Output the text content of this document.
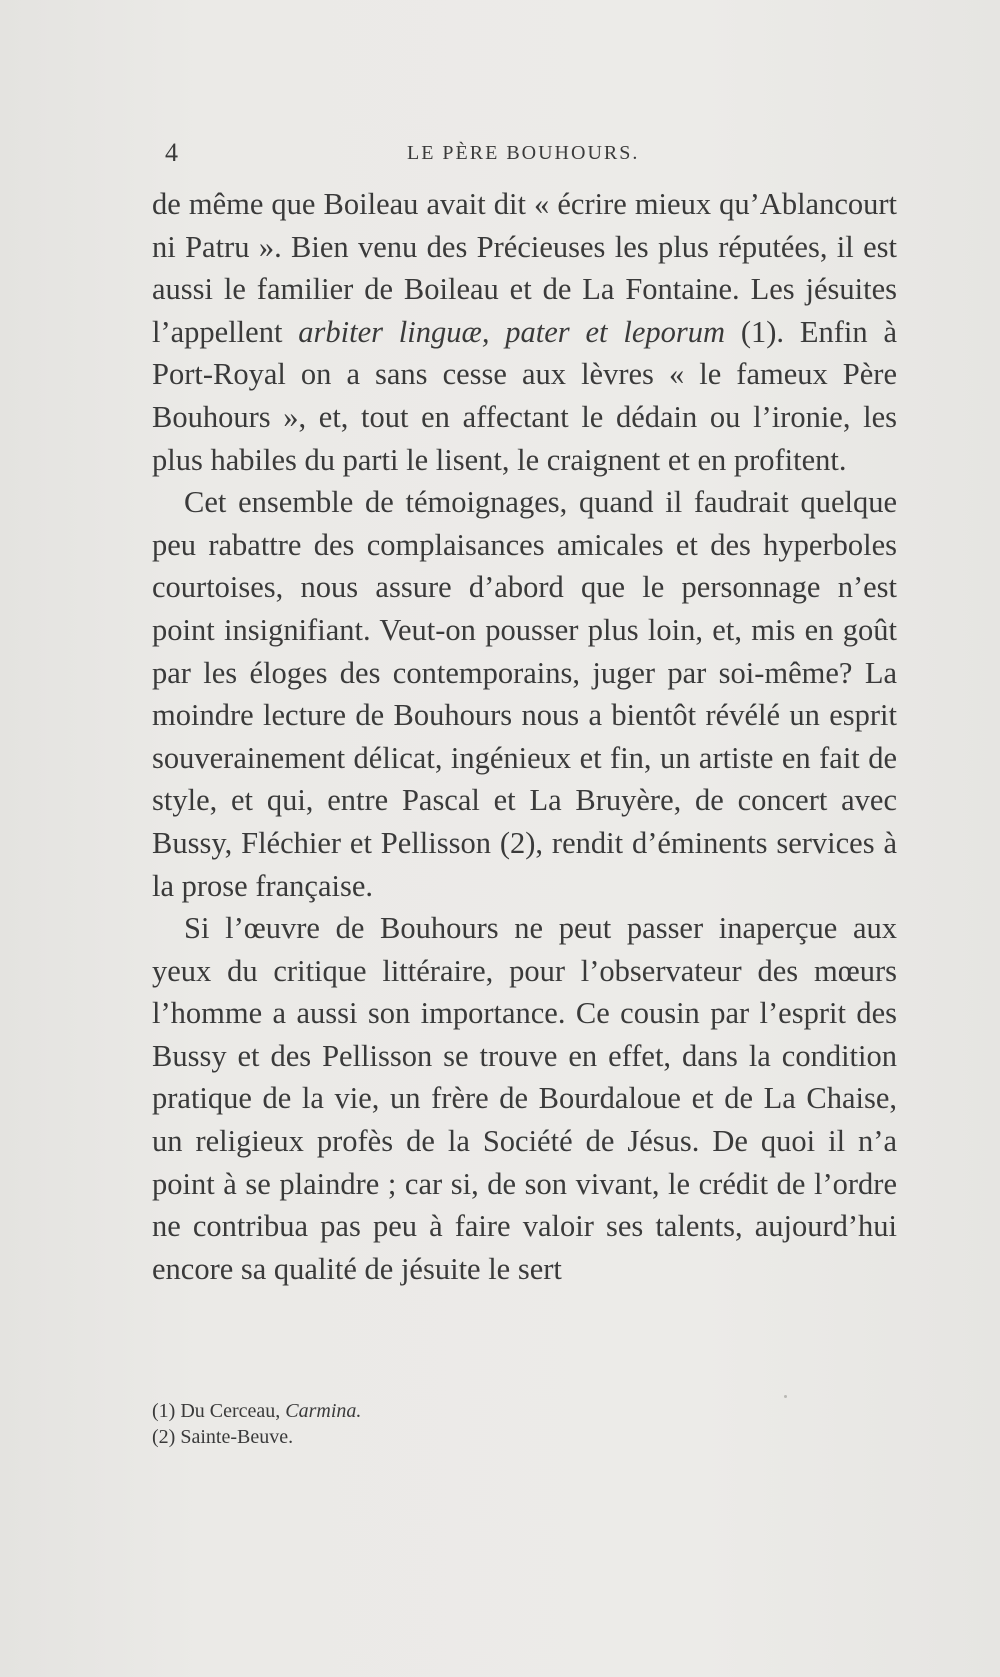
4	LE PÈRE BOUHOURS.

de même que Boileau avait dit « écrire mieux qu’Ablancourt ni Patru ». Bien venu des Précieuses les plus réputées, il est aussi le familier de Boileau et de La Fontaine. Les jésuites l’appellent arbiter linguæ, pater et leporum (1). Enfin à Port-Royal on a sans cesse aux lèvres « le fameux Père Bouhours », et, tout en affectant le dédain ou l’ironie, les plus habiles du parti le lisent, le craignent et en profitent.

Cet ensemble de témoignages, quand il faudrait quelque peu rabattre des complaisances amicales et des hyperboles courtoises, nous assure d’abord que le personnage n’est point insignifiant. Veut-on pousser plus loin, et, mis en goût par les éloges des contemporains, juger par soi-même? La moindre lecture de Bouhours nous a bientôt révélé un esprit souverainement délicat, ingénieux et fin, un artiste en fait de style, et qui, entre Pascal et La Bruyère, de concert avec Bussy, Fléchier et Pellisson (2), rendit d’éminents services à la prose française.

Si l’œuvre de Bouhours ne peut passer inaperçue aux yeux du critique littéraire, pour l’observateur des mœurs l’homme a aussi son importance. Ce cousin par l’esprit des Bussy et des Pellisson se trouve en effet, dans la condition pratique de la vie, un frère de Bourdaloue et de La Chaise, un religieux profès de la Société de Jésus. De quoi il n’a point à se plaindre ; car si, de son vivant, le crédit de l’ordre ne contribua pas peu à faire valoir ses talents, aujourd’hui encore sa qualité de jésuite le sert

(1) Du Cerceau, Carmina.

(2) Sainte-Beuve.
